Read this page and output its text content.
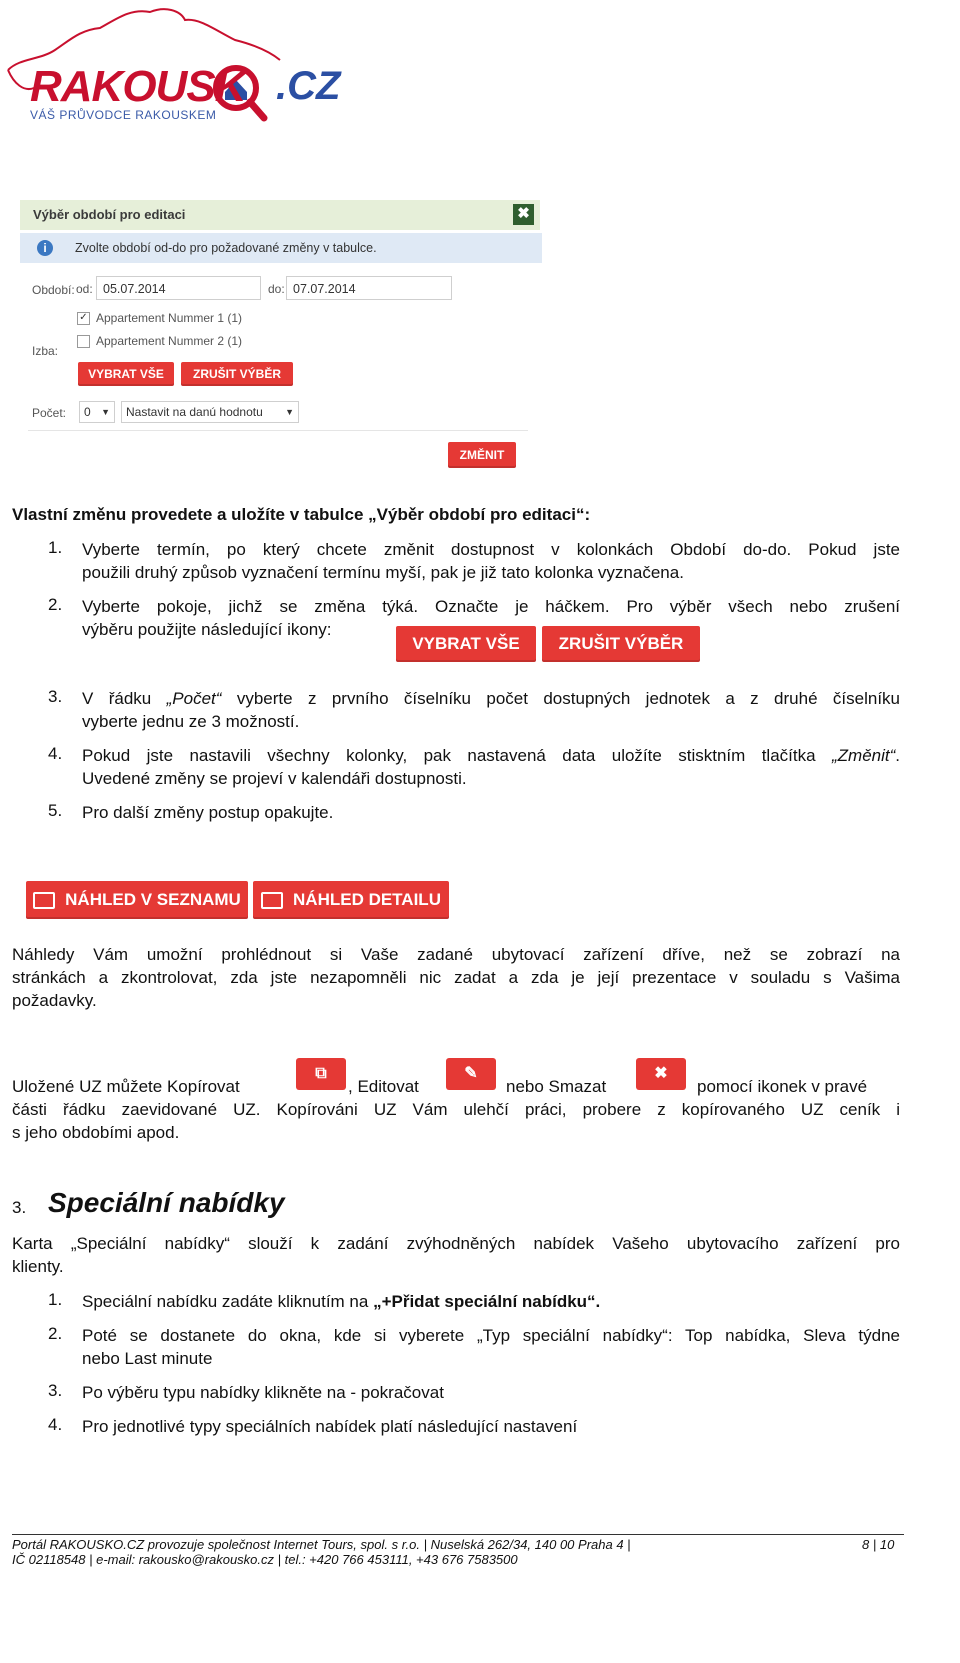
RAKOUSK .CZ
VÁŠ PRŮVODCE RAKOUSKEM
Výběr období pro editaci	✖
i	Zvolte období od-do pro požadované změny v tabulce.
Období: od: 05.07.2014	do: 07.07.2014
✓ Appartement Nummer 1 (1)
Appartement Nummer 2 (1)
Izba:
VYBRAT VŠE	ZRUŠIT VÝBĚR
Počet:	0 ▼	Nastavit na danú hodnotu ▼
ZMĚNIT
Vlastní změnu provedete a uložíte v tabulce „Výběr období pro editaci“:
1. Vyberte termín, po který chcete změnit dostupnost v kolonkách Období do-do. Pokud jste
použili druhý způsob vyznačení termínu myší, pak je již tato kolonka vyznačena.
2. Vyberte pokoje, jichž se změna týká. Označte je háčkem. Pro výběr všech nebo zrušení
výběru použijte následující ikony:
VYBRAT VŠE	ZRUŠIT VÝBĚR
3. V řádku „Počet“ vyberte z prvního číselníku počet dostupných jednotek a z druhé číselníku
vyberte jednu ze 3 možností.
4. Pokud jste nastavili všechny kolonky, pak nastavená data uložíte stisktním tlačítka „Změnit“.
Uvedené změny se projeví v kalendáři dostupnosti.
5. Pro další změny postup opakujte.
NÁHLED V SEZNAMU	NÁHLED DETAILU
Náhledy Vám umožní prohlédnout si Vaše zadané ubytovací zařízení dříve, než se zobrazí na
stránkách a zkontrolovat, zda jste nezapomněli nic zadat a zda je její prezentace v souladu s Vašima
požadavky.
Uložené UZ můžete Kopírovat
⧉
, Editovat
✎
nebo Smazat
✖
pomocí ikonek v pravé
části řádku zaevidované UZ. Kopírováni UZ Vám ulehčí práci, probere z kopírovaného UZ ceník i
s jeho obdobími apod.
3. Speciální nabídky
Karta „Speciální nabídky“ slouží k zadání zvýhodněných nabídek Vašeho ubytovacího zařízení pro
klienty.
1. Speciální nabídku zadáte kliknutím na „+Přidat speciální nabídku“.
2. Poté se dostanete do okna, kde si vyberete „Typ speciální nabídky“: Top nabídka, Sleva týdne
nebo Last minute
3. Po výběru typu nabídky klikněte na - pokračovat
4. Pro jednotlivé typy speciálních nabídek platí následující nastavení
Portál RAKOUSKO.CZ provozuje společnost Internet Tours, spol. s r.o. | Nuselská 262/34, 140 00 Praha 4 |
IČ 02118548 | e-mail: rakousko@rakousko.cz | tel.: +420 766 453111, +43 676 7583500
8 | 10
